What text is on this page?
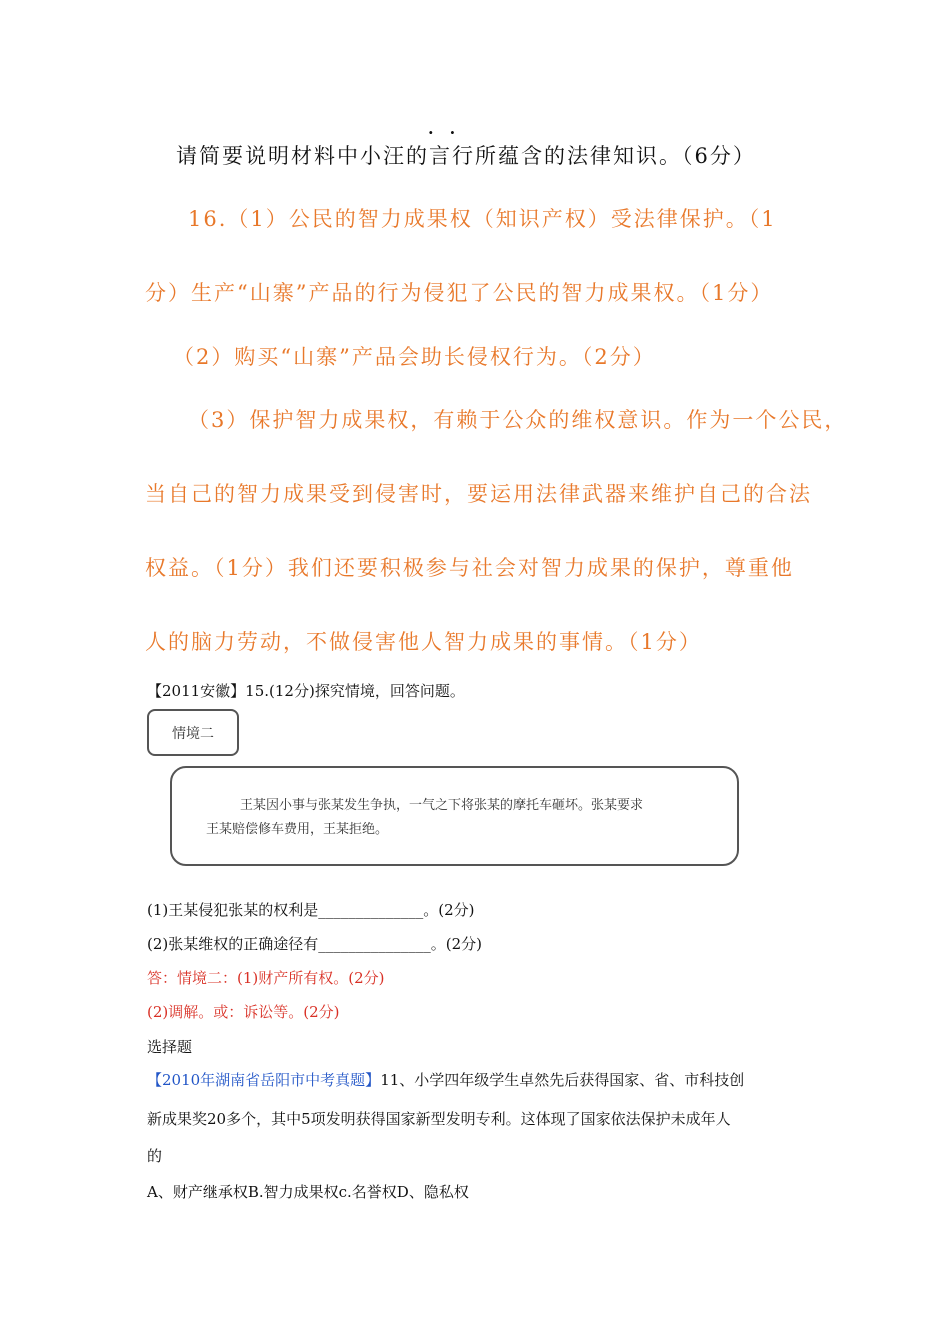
··
请简要说明材料中小汪的言行所蕴含的法律知识。（6分）
16.（1）公民的智力成果权（知识产权）受法律保护。（1
分）生产“山寨”产品的行为侵犯了公民的智力成果权。（1分）
（2）购买“山寨”产品会助长侵权行为。（2分）
（3）保护智力成果权，有赖于公众的维权意识。作为一个公民，
当自己的智力成果受到侵害时，要运用法律武器来维护自己的合法
权益。（1分）我们还要积极参与社会对智力成果的保护，尊重他
人的脑力劳动，不做侵害他人智力成果的事情。（1分）
【2011安徽】15.(12分)探究情境，回答问题。
情境二
王某因小事与张某发生争执，一气之下将张某的摩托车砸坏。张某要求
王某赔偿修车费用，王某拒绝。
(1)王某侵犯张某的权利是______________。(2分)
(2)张某维权的正确途径有_______________。(2分)
答：情境二：(1)财产所有权。(2分)
(2)调解。或：诉讼等。(2分)
选择题
【2010年湖南省岳阳市中考真题】11、小学四年级学生卓然先后获得国家、省、市科技创
新成果奖20多个，其中5项发明获得国家新型发明专利。这体现了国家依法保护未成年人
的
A、财产继承权B.智力成果权c.名誉权D、隐私权
